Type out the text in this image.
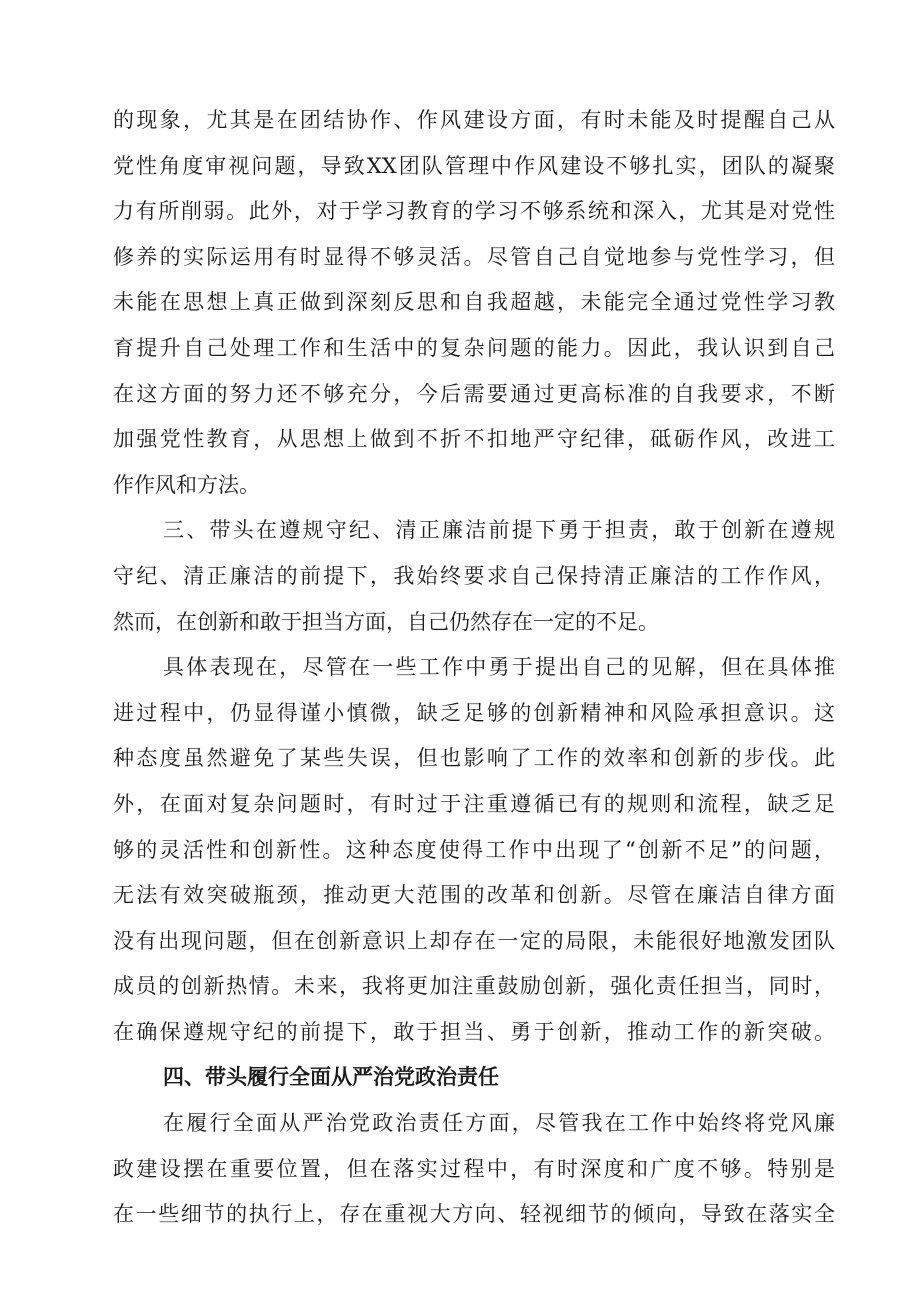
的现象，尤其是在团结协作、作风建设方面，有时未能及时提醒自己从
党性角度审视问题，导致XX团队管理中作风建设不够扎实，团队的凝聚
力有所削弱。此外，对于学习教育的学习不够系统和深入，尤其是对党性
修养的实际运用有时显得不够灵活。尽管自己自觉地参与党性学习，但
未能在思想上真正做到深刻反思和自我超越，未能完全通过党性学习教
育提升自己处理工作和生活中的复杂问题的能力。因此，我认识到自己
在这方面的努力还不够充分，今后需要通过更高标准的自我要求，不断
加强党性教育，从思想上做到不折不扣地严守纪律，砥砺作风，改进工
作作风和方法。
三、带头在遵规守纪、清正廉洁前提下勇于担责，敢于创新在遵规
守纪、清正廉洁的前提下，我始终要求自己保持清正廉洁的工作作风，
然而，在创新和敢于担当方面，自己仍然存在一定的不足。
具体表现在，尽管在一些工作中勇于提出自己的见解，但在具体推
进过程中，仍显得谨小慎微，缺乏足够的创新精神和风险承担意识。这
种态度虽然避免了某些失误，但也影响了工作的效率和创新的步伐。此
外，在面对复杂问题时，有时过于注重遵循已有的规则和流程，缺乏足
够的灵活性和创新性。这种态度使得工作中出现了“创新不足”的问题，
无法有效突破瓶颈，推动更大范围的改革和创新。尽管在廉洁自律方面
没有出现问题，但在创新意识上却存在一定的局限，未能很好地激发团队
成员的创新热情。未来，我将更加注重鼓励创新，强化责任担当，同时，
在确保遵规守纪的前提下，敢于担当、勇于创新，推动工作的新突破。
四、带头履行全面从严治党政治责任
在履行全面从严治党政治责任方面，尽管我在工作中始终将党风廉
政建设摆在重要位置，但在落实过程中，有时深度和广度不够。特别是
在一些细节的执行上，存在重视大方向、轻视细节的倾向，导致在落实全
